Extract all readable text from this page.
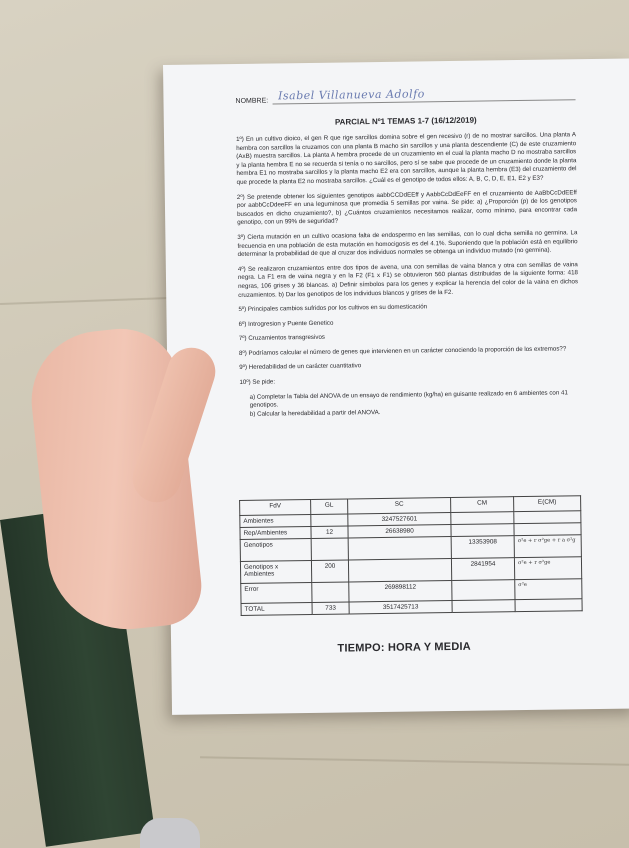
NOMBRE: Isabel Villanueva Adolfo
PARCIAL Nº1 TEMAS 1-7 (16/12/2019)

1º) En un cultivo dioico, el gen R que rige sarcillos domina sobre el gen recesivo (r) de no mostrar sarcillos. Una planta A hembra con sarcillos la cruzamos con una planta B macho sin sarcillos y una planta descendiente (C) de este cruzamiento (AxB) muestra sarcillos. La planta A hembra procede de un cruzamiento en el cual la planta macho D no mostraba sarcillos y la planta hembra E no se recuerda si tenía o no sarcillos, pero sí se sabe que procede de un cruzamiento donde la planta hembra E1 no mostraba sarcillos y la planta macho E2 era con sarcillos, aunque la planta hembra (E3) del cruzamiento del que procede la planta E2 no mostraba sarcillos. ¿Cuál es el genotipo de todos ellos: A, B, C, D, E, E1, E2 y E3?

2º) Se pretende obtener los siguientes genotipos aabbCCDdEEff y AabbCcDdEeFF en el cruzamiento de AaBbCcDdEEff por aabbCcDdeeFF en una leguminosa que promedia 5 semillas por vaina. Se pide: a) ¿Proporción (p) de los genotipos buscados en dicho cruzamiento?, b) ¿Cuántos cruzamientos necesitamos realizar, como mínimo, para encontrar cada genotipo, con un 99% de seguridad?

3º) Cierta mutación en un cultivo ocasiona falta de endospermo en las semillas, con lo cual dicha semilla no germina. La frecuencia en una población de esta mutación en homocigosis es del 4.1%. Suponiendo que la población está en equilibrio determinar la probabilidad de que al cruzar dos individuos normales se obtenga un individuo mutado (no germina).

4º) Se realizaron cruzamientos entre dos tipos de avena, una con semillas de vaina blanca y otra con semillas de vaina negra. La F1 era de vaina negra y en la F2 (F1 x F1) se obtuvieron 560 plantas distribuidas de la siguiente forma: 418 negras, 106 grises y 36 blancas. a) Definir símbolos para los genes y explicar la herencia del color de la vaina en dichos cruzamientos. b) Dar los genotipos de los individuos blancos y grises de la F2.

5º) Principales cambios sufridos por los cultivos en su domesticación

6º) Introgresion y Puente Genetico

7º) Cruzamientos transgresivos

8º) Podríamos calcular el número de genes que intervienen en un carácter conociendo la proporción de los extremos??

9º) Heredabilidad de un carácter cuantitativo

10º) Se pide:

a) Completar la Tabla del ANOVA de un ensayo de rendimiento (kg/ha) en guisante realizado en 6 ambientes con 41 genotipos.

b) Calcular la heredabilidad a partir del ANOVA.

FdV	GL	SC	CM	E(CM)
Ambientes		3247527601		
Rep/Ambientes	12	26638980		
Genotipos			13353908	σ²e + r σ²ge + r a σ²g
Genotipos x Ambientes	200		2841954	σ²e + r σ²ge
Error		269898112		σ²e
TOTAL	733	3517425713		
TIEMPO: HORA Y MEDIA
